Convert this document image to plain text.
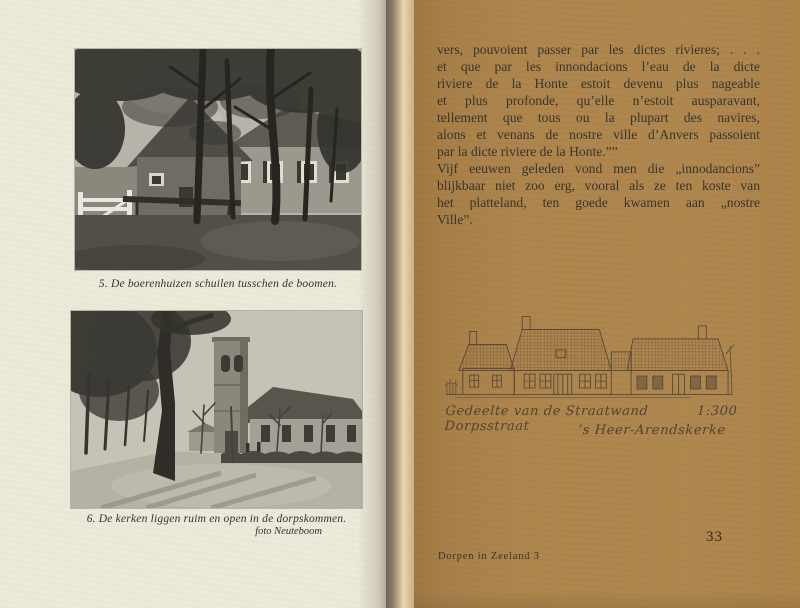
5. De boerenhuizen schuilen tusschen de boomen.
6. De kerken liggen ruim en open in de dorpskommen.
foto Neuteboom
vers, pouvoient passer par les dictes rivieres; . . .
et que par les innondacions l’eau de la dicte
riviere de la Honte estoit devenu plus nageable
et plus profonde, qu’elle n’estoit ausparavant,
tellement que tous ou la plupart des navires,
alons et venans de nostre ville d’Anvers passoient
par la dicte riviere de la Honte.””
Vijf eeuwen geleden vond men die „innodancions”
blijkbaar niet zoo erg, vooral als ze ten koste van
het platteland, ten goede kwamen aan „nostre
Ville”.
Gedeelte van de Straatwand Dorpsstraat
1:300
’s Heer-Arendskerke
Dorpen in Zeeland 3
33
